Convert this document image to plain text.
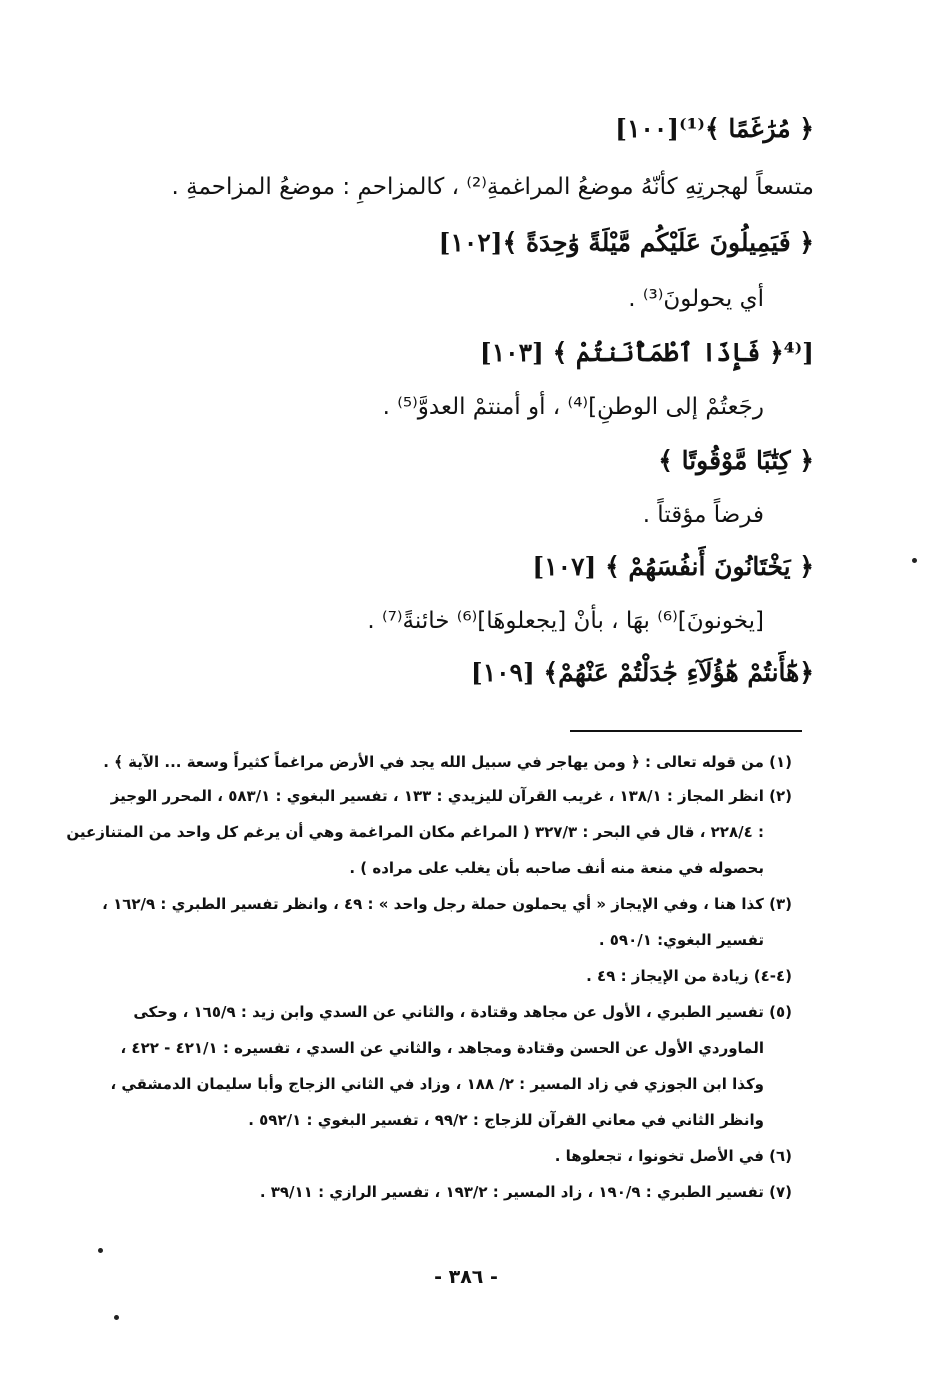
﴿ مُرَٰغَمًا ﴾⁽¹⁾[١٠٠]
متسعاً لهجرتِهِ كأنّهُ موضعُ المراغمةِ⁽²⁾ ، كالمزاحمِ : موضعُ المزاحمةِ .
﴿ فَيَمِيلُونَ عَلَيْكُم مَّيْلَةً وَٰحِدَةً ﴾[١٠٢]
أي يحولونَ⁽³⁾ .
[⁽⁴﴿ فَإِذَا ٱطْمَأْنَنتُمْ ﴾ [١٠٣]
رجَعتُمْ إلى الوطنِ]⁽⁴⁾ ، أو أمنتمْ العدوَّ⁽⁵⁾ .
﴿ كِتَٰبًا مَّوْقُوتًا ﴾
فرضاً مؤقتاً .
﴿ يَخْتَانُونَ أَنفُسَهُمْ ﴾ [١٠٧]
[يخونونَ]⁽⁶⁾ بهَا ، بأنْ [يجعلوهَا]⁽⁶⁾ خائنةً⁽⁷⁾ .
﴿هَٰٓأَنتُمْ هَٰٓؤُلَآءِ جَٰدَلْتُمْ عَنْهُمْ﴾ [١٠٩]
(١) من قوله تعالى : ﴿ ومن يهاجر في سبيل الله يجد في الأرض مراغماً كثيراً وسعة ... الآية ﴾ .
(٢) انظر المجاز : ١٣٨/١ ، غريب القرآن لليزيدي : ١٣٣ ، تفسير البغوي : ٥٨٣/١ ، المحرر الوجيز
: ٢٢٨/٤ ، قال في البحر : ٣٢٧/٣ ( المراغم مكان المراغمة وهي أن يرغم كل واحد من المتنازعين
بحصوله في منعة منه أنف صاحبه بأن يغلب على مراده ) .
(٣) كذا هنا ، وفي الإيجاز « أي يحملون حملة رجل واحد » : ٤٩ ، وانظر تفسير الطبري : ١٦٢/٩ ،
تفسير البغوي: ٥٩٠/١ .
(٤-٤) زيادة من الإيجاز : ٤٩ .
(٥) تفسير الطبري ، الأول عن مجاهد وقتادة ، والثاني عن السدي وابن زيد : ١٦٥/٩ ، وحكى
الماوردي الأول عن الحسن وقتادة ومجاهد ، والثاني عن السدي ، تفسيره : ٤٢١/١ - ٤٢٢ ،
وكذا ابن الجوزي في زاد المسير : ٢/ ١٨٨ ، وزاد في الثاني الزجاج وأبا سليمان الدمشقي ،
وانظر الثاني في معاني القرآن للزجاج : ٩٩/٢ ، تفسير البغوي : ٥٩٢/١ .
(٦) في الأصل تخونوا ، تجعلوها .
(٧) تفسير الطبري : ١٩٠/٩ ، زاد المسير : ١٩٣/٢ ، تفسير الرازي : ٣٩/١١ .
- ٣٨٦ -
